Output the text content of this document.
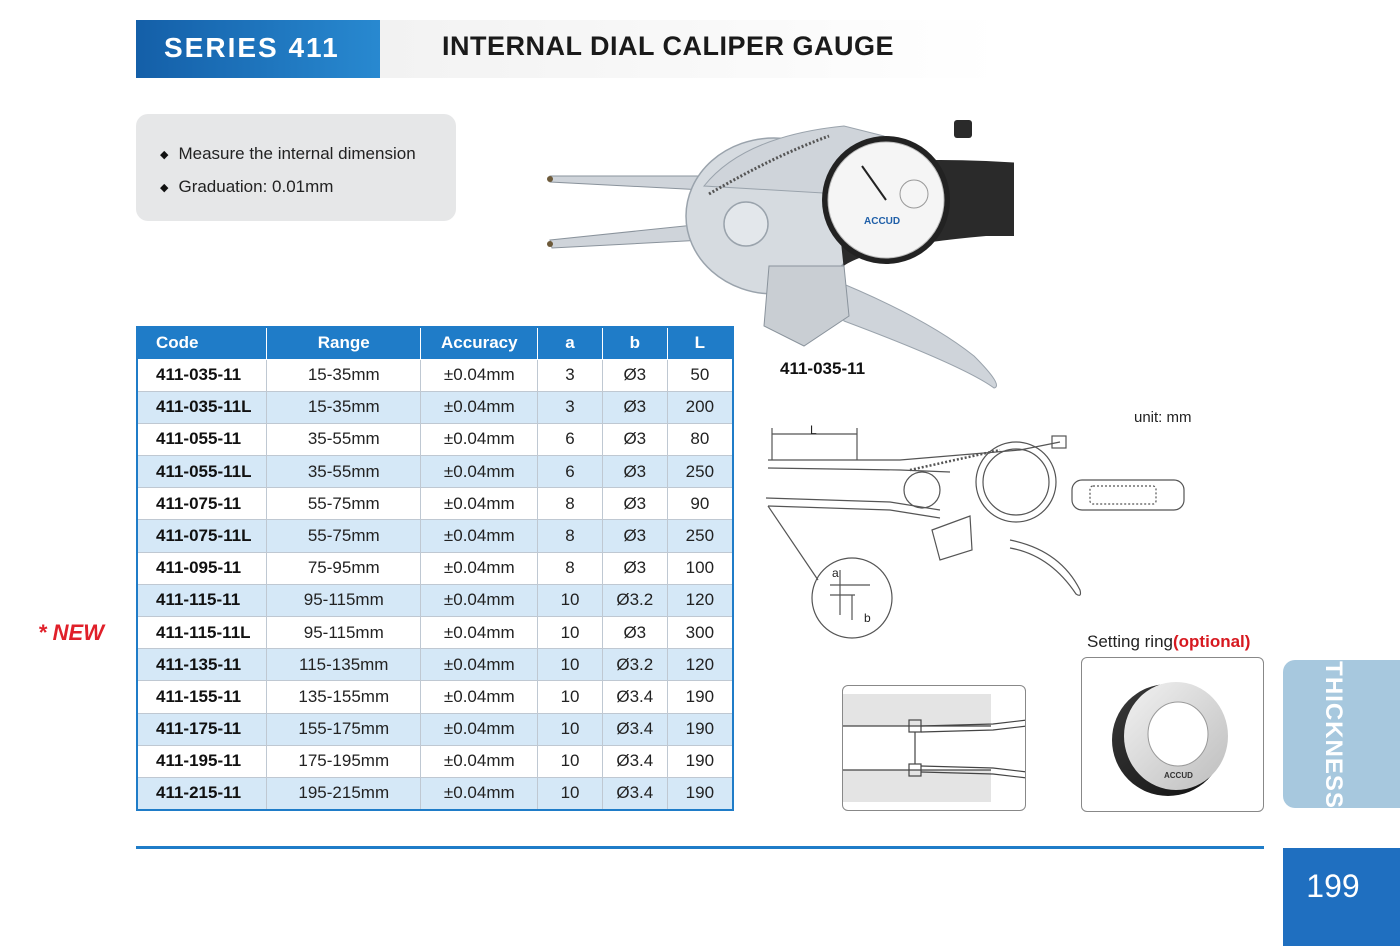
SERIES 411	INTERNAL DIAL CALIPER GAUGE
◆ Measure the internal dimension
◆ Graduation: 0.01mm
ACCUD
411-035-11
Code	Range	Accuracy	a	b	L
411-035-11	15-35mm	±0.04mm	3	Ø3	50
411-035-11L	15-35mm	±0.04mm	3	Ø3	200
411-055-11	35-55mm	±0.04mm	6	Ø3	80
411-055-11L	35-55mm	±0.04mm	6	Ø3	250
411-075-11	55-75mm	±0.04mm	8	Ø3	90
411-075-11L	55-75mm	±0.04mm	8	Ø3	250
411-095-11	75-95mm	±0.04mm	8	Ø3	100
411-115-11	95-115mm	±0.04mm	10	Ø3.2	120
411-115-11L	95-115mm	±0.04mm	10	Ø3	300
411-135-11	115-135mm	±0.04mm	10	Ø3.2	120
411-155-11	135-155mm	±0.04mm	10	Ø3.4	190
411-175-11	155-175mm	±0.04mm	10	Ø3.4	190
411-195-11	175-195mm	±0.04mm	10	Ø3.4	190
411-215-11	195-215mm	±0.04mm	10	Ø3.4	190
* NEW
unit: mm
L
a
b
Setting ring(optional)
ACCUD	THICKNESS
199
